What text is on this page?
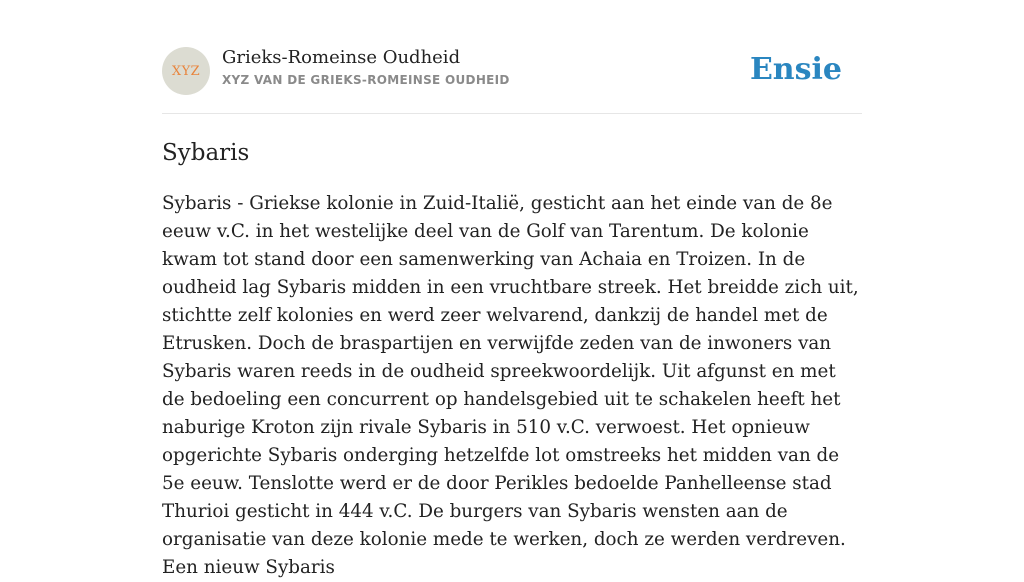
XYZ
Grieks-Romeinse Oudheid
XYZ VAN DE GRIEKS-ROMEINSE OUDHEID	Ensie
Sybaris

Sybaris - Griekse kolonie in Zuid-Italië, gesticht aan het einde van de 8e eeuw v.C. in het westelijke deel van de Golf van Tarentum. De kolonie kwam tot stand door een samenwerking van Achaia en Troizen. In de oudheid lag Sybaris midden in een vruchtbare streek. Het breidde zich uit, stichtte zelf kolonies en werd zeer welvarend, dankzij de handel met de Etrusken. Doch de braspartijen en verwijfde zeden van de inwoners van Sybaris waren reeds in de oudheid spreekwoordelijk. Uit afgunst en met de bedoeling een concurrent op handelsgebied uit te schakelen heeft het naburige Kroton zijn rivale Sybaris in 510 v.C. verwoest. Het opnieuw opgerichte Sybaris onderging hetzelfde lot omstreeks het midden van de 5e eeuw. Tenslotte werd er de door Perikles bedoelde Panhelleense stad Thurioi gesticht in 444 v.C. De burgers van Sybaris wensten aan de organisatie van deze kolonie mede te werken, doch ze werden verdreven. Een nieuw Sybaris
